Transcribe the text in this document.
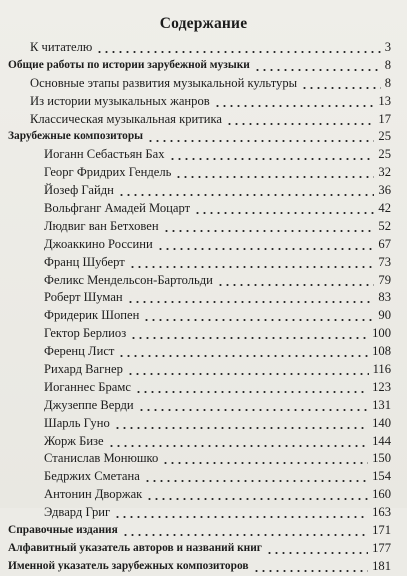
Содержание
К читателю	3
Общие работы по истории зарубежной музыки	8
Основные этапы развития музыкальной культуры	8
Из истории музыкальных жанров	13
Классическая музыкальная критика	17
Зарубежные композиторы	25
Иоганн Себастьян Бах	25
Георг Фридрих Гендель	32
Йозеф Гайдн	36
Вольфганг Амадей Моцарт	42
Людвиг ван Бетховен	52
Джоаккино Россини	67
Франц Шуберт	73
Феликс Мендельсон-Бартольди	79
Роберт Шуман	83
Фридерик Шопен	90
Гектор Берлиоз	100
Ференц Лист	108
Рихард Вагнер	116
Иоганнес Брамс	123
Джузеппе Верди	131
Шарль Гуно	140
Жорж Бизе	144
Станислав Монюшко	150
Бедржих Сметана	154
Антонин Дворжак	160
Эдвард Григ	163
Справочные издания	171
Алфавитный указатель авторов и названий книг	177
Именной указатель зарубежных композиторов	181
